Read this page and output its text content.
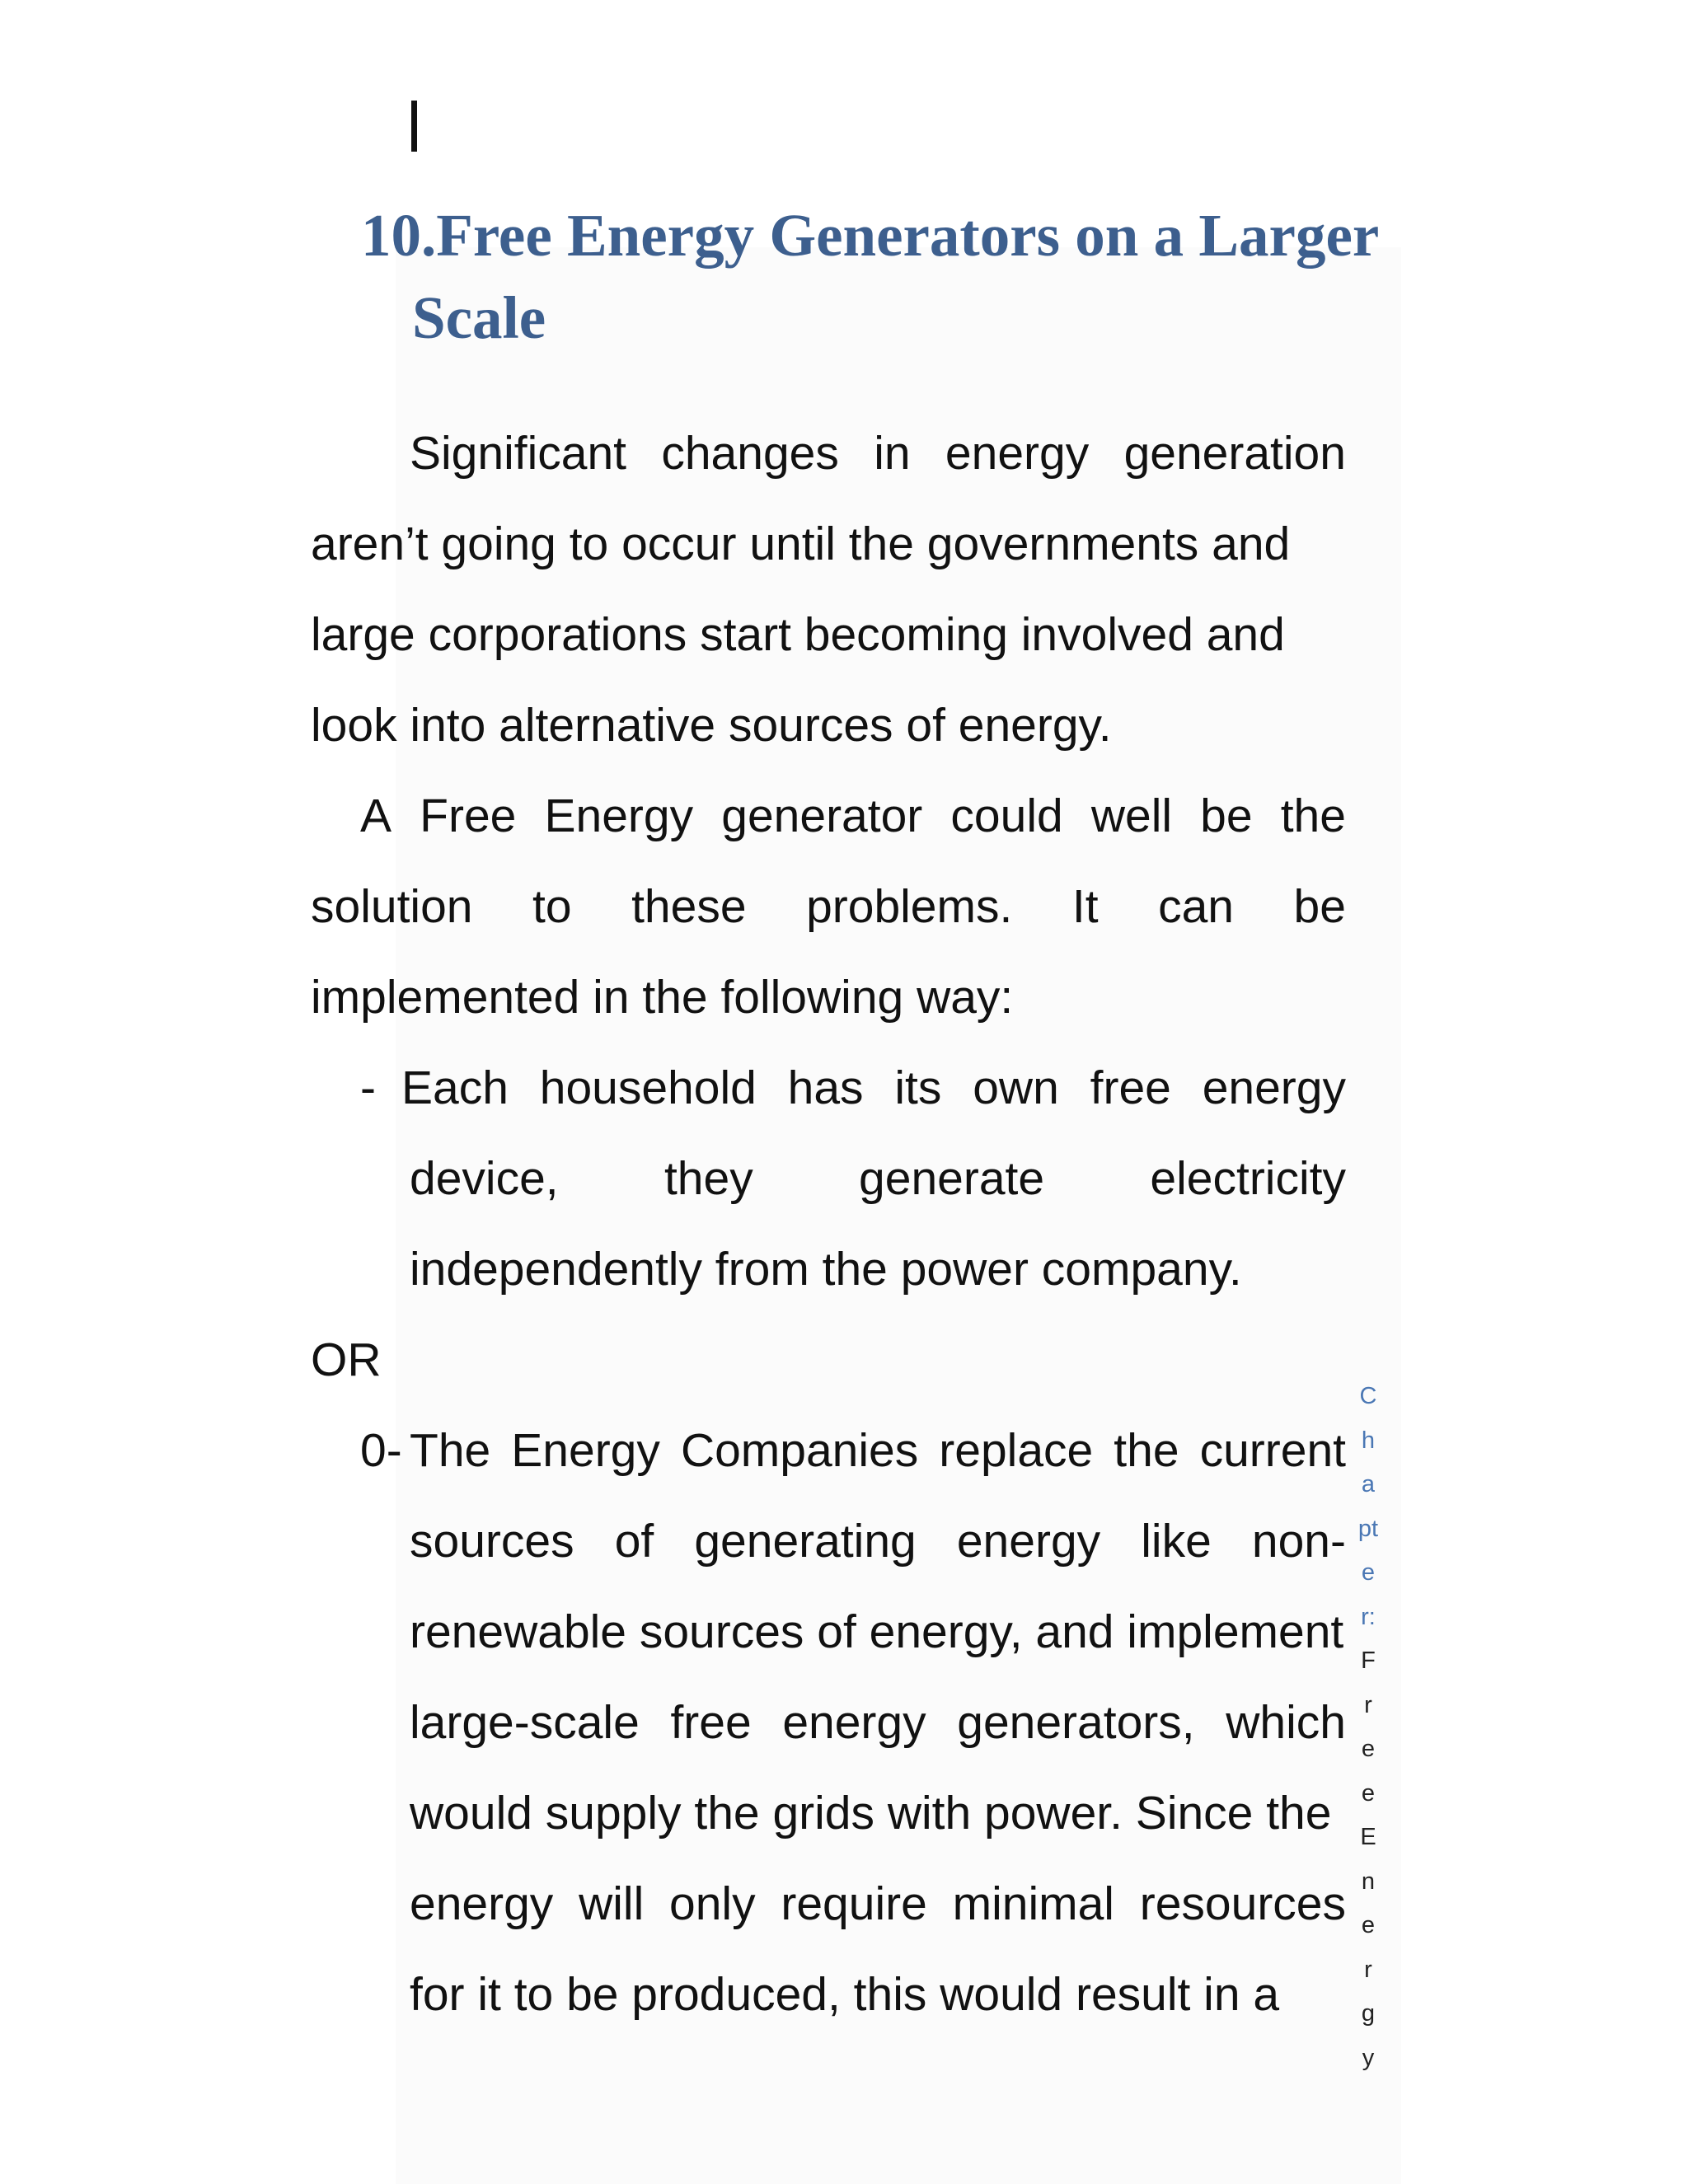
10.Free Energy Generators on a Larger
Scale
Significant changes in energy generation
aren’t going to occur until the governments and
large corporations start becoming involved and
look into alternative sources of energy.
A Free Energy generator could well be the
solution to these problems. It can be
implemented in the following way:
- Each household has its own free energy
device, they generate electricity
independently from the power company.
OR
0- The Energy Companies replace the current
sources of generating energy like non-
renewable sources of energy, and implement
large-scale free energy generators, which
would supply the grids with power. Since the
energy will only require minimal resources
for it to be produced, this would result in a
C
h
a
pt
e
r:
F
r
e
e
E
n
e
r
g
y
